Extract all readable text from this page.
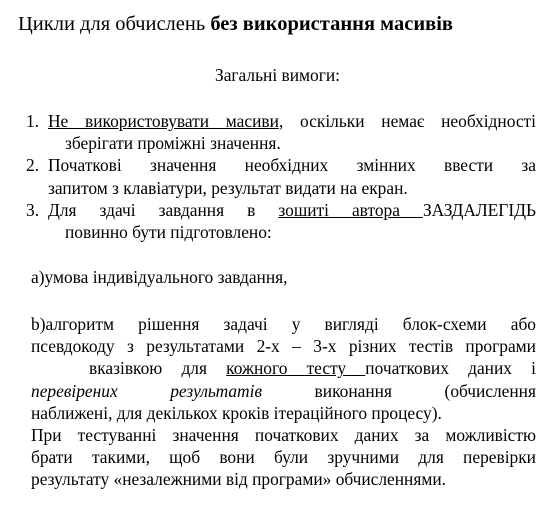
Цикли для обчислень без використання масивів
Загальні вимоги:
1. Не використовувати масиви, оскільки немає необхідності
зберігати проміжні значення.
2. Початкові значення необхідних змінних ввести за
запитом з клавіатури, результат видати на екран.
3. Для здачі завдання в зошиті автора ЗАЗДАЛЕГІДЬ
повинно бути підготовлено:
а)умова індивідуального завдання,
b)алгоритм рішення задачі у вигляді блок-схеми або
псевдокоду з результатами 2-х – 3-х різних тестів програми
вказівкою для кожного тесту початкових даних і
перевірених результатів виконання (обчислення
наближені, для декількох кроків ітераційного процесу).
При тестуванні значення початкових даних за можливістю
брати такими, щоб вони були зручними для перевірки
результату «незалежними від програми» обчисленнями.
